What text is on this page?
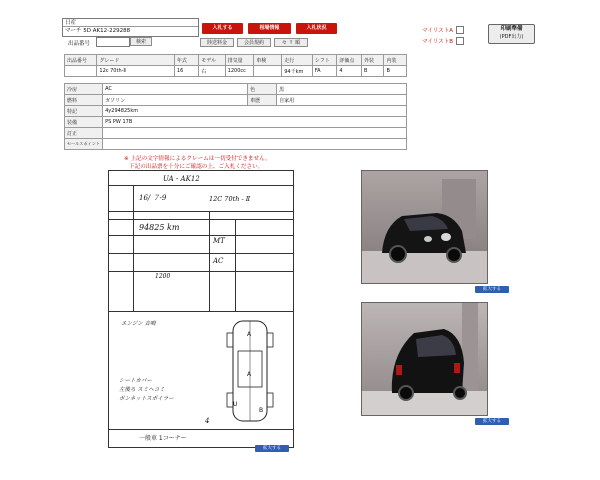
日産
マーチ 5D AK12-229288
出品番号	検索
入札する	相場情報	入札状況
陸送料金	会員規約	セ リ 順
マイリストA
マイリストB
印刷準備
(PDF出力)
出品番号	グレード	年式	モデル	排気量	車検	走行	シフト	評価点	外装	内装
	12c 70th-Ⅱ	16	右	1200cc		94千km	FA	4	B	B
冷房	AC	色	黒
燃料	ガソリン	車歴	自家用
特記	4y294825km		
装備	PS PW 17B		
訂正			
セールスポイント			
※ 上記の文字情報によるクレームは一切受付できません。
下記の出品票を十分にご確認の上、ご入札ください。
UA - AK12
16/ ７-9	12C 70th - Ⅱ
94825 km
MT
AC
1200
エンジン 音鳴
シートカバー
左後ろ スミヘコミ
ボンネットスポイラー
4
一般車 1コーナー
A
A
U
B
拡大する
拡大する
拡大する
